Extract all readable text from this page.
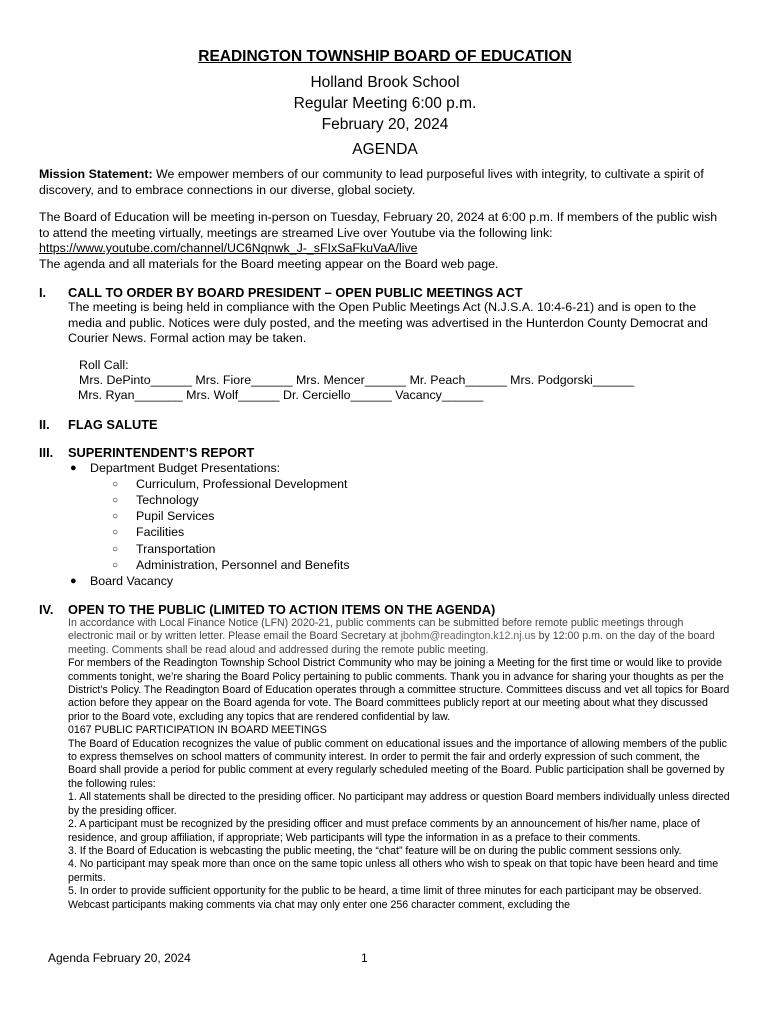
READINGTON TOWNSHIP BOARD OF EDUCATION
Holland Brook School
Regular Meeting 6:00 p.m.
February 20, 2024
AGENDA
Mission Statement: We empower members of our community to lead purposeful lives with integrity, to cultivate a spirit of discovery, and to embrace connections in our diverse, global society.
The Board of Education will be meeting in-person on Tuesday, February 20, 2024 at 6:00 p.m. If members of the public wish to attend the meeting virtually, meetings are streamed Live over Youtube via the following link:
https://www.youtube.com/channel/UC6Nqnwk_J-_sFIxSaFkuVaA/live
The agenda and all materials for the Board meeting appear on the Board web page.
I. CALL TO ORDER BY BOARD PRESIDENT – OPEN PUBLIC MEETINGS ACT
The meeting is being held in compliance with the Open Public Meetings Act (N.J.S.A. 10:4-6-21) and is open to the media and public. Notices were duly posted, and the meeting was advertised in the Hunterdon County Democrat and Courier News. Formal action may be taken.
Roll Call:
Mrs. DePinto______ Mrs. Fiore______ Mrs. Mencer______ Mr. Peach______ Mrs. Podgorski______
Mrs. Ryan_______ Mrs. Wolf______ Dr. Cerciello______ Vacancy______
II. FLAG SALUTE
III. SUPERINTENDENT’S REPORT
● Department Budget Presentations:
○ Curriculum, Professional Development
○ Technology
○ Pupil Services
○ Facilities
○ Transportation
○ Administration, Personnel and Benefits
● Board Vacancy
IV. OPEN TO THE PUBLIC (LIMITED TO ACTION ITEMS ON THE AGENDA)
In accordance with Local Finance Notice (LFN) 2020-21, public comments can be submitted before remote public meetings through electronic mail or by written letter. Please email the Board Secretary at jbohm@readington.k12.nj.us by 12:00 p.m. on the day of the board meeting. Comments shall be read aloud and addressed during the remote public meeting.
For members of the Readington Township School District Community who may be joining a Meeting for the first time or would like to provide comments tonight, we’re sharing the Board Policy pertaining to public comments. Thank you in advance for sharing your thoughts as per the District’s Policy. The Readington Board of Education operates through a committee structure. Committees discuss and vet all topics for Board action before they appear on the Board agenda for vote. The Board committees publicly report at our meeting about what they discussed prior to the Board vote, excluding any topics that are rendered confidential by law.
0167 PUBLIC PARTICIPATION IN BOARD MEETINGS
The Board of Education recognizes the value of public comment on educational issues and the importance of allowing members of the public to express themselves on school matters of community interest. In order to permit the fair and orderly expression of such comment, the Board shall provide a period for public comment at every regularly scheduled meeting of the Board. Public participation shall be governed by the following rules:
1. All statements shall be directed to the presiding officer. No participant may address or question Board members individually unless directed by the presiding officer.
2. A participant must be recognized by the presiding officer and must preface comments by an announcement of his/her name, place of residence, and group affiliation, if appropriate; Web participants will type the information in as a preface to their comments.
3. If the Board of Education is webcasting the public meeting, the “chat” feature will be on during the public comment sessions only.
4. No participant may speak more than once on the same topic unless all others who wish to speak on that topic have been heard and time permits.
5. In order to provide sufficient opportunity for the public to be heard, a time limit of three minutes for each participant may be observed. Webcast participants making comments via chat may only enter one 256 character comment, excluding the
Agenda February 20, 2024	1
